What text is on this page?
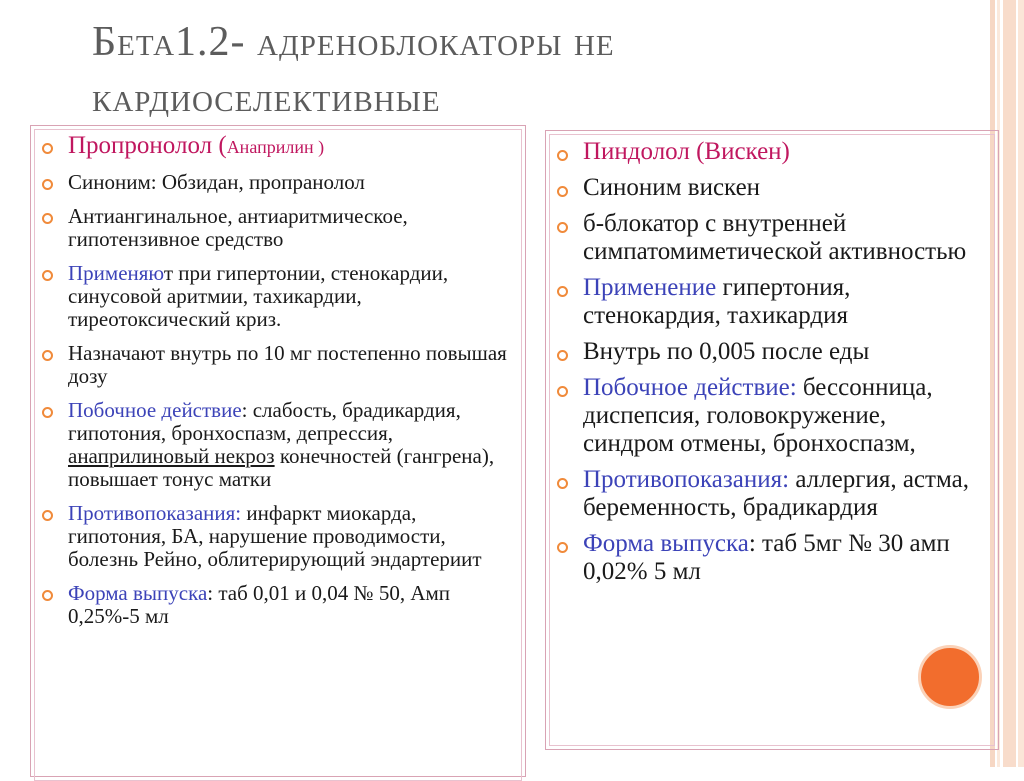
Бета1.2- адреноблокаторы не кардиоселективные
Пропронолол (Анаприлин )
Синоним: Обзидан, пропранолол
Антиангинальное, антиаритмическое, гипотензивное средство
Применяют при гипертонии, стенокардии, синусовой аритмии, тахикардии, тиреотоксический криз.
Назначают внутрь по 10 мг постепенно повышая дозу
Побочное действие: слабость, брадикардия, гипотония, бронхоспазм, депрессия, анаприлиновый некроз конечностей (гангрена), повышает тонус матки
Противопоказания: инфаркт миокарда, гипотония, БА, нарушение проводимости, болезнь Рейно, облитерирующий эндартериит
Форма выпуска: таб 0,01 и 0,04 № 50, Амп 0,25%-5 мл
Пиндолол (Вискен)
Синоним вискен
б-блокатор с внутренней симпатомиметической активностью
Применение гипертония, стенокардия, тахикардия
Внутрь по 0,005 после еды
Побочное действие: бессонница, диспепсия, головокружение, синдром отмены, бронхоспазм,
Противопоказания: аллергия, астма, беременность, брадикардия
Форма выпуска: таб 5мг № 30 амп 0,02% 5 мл
